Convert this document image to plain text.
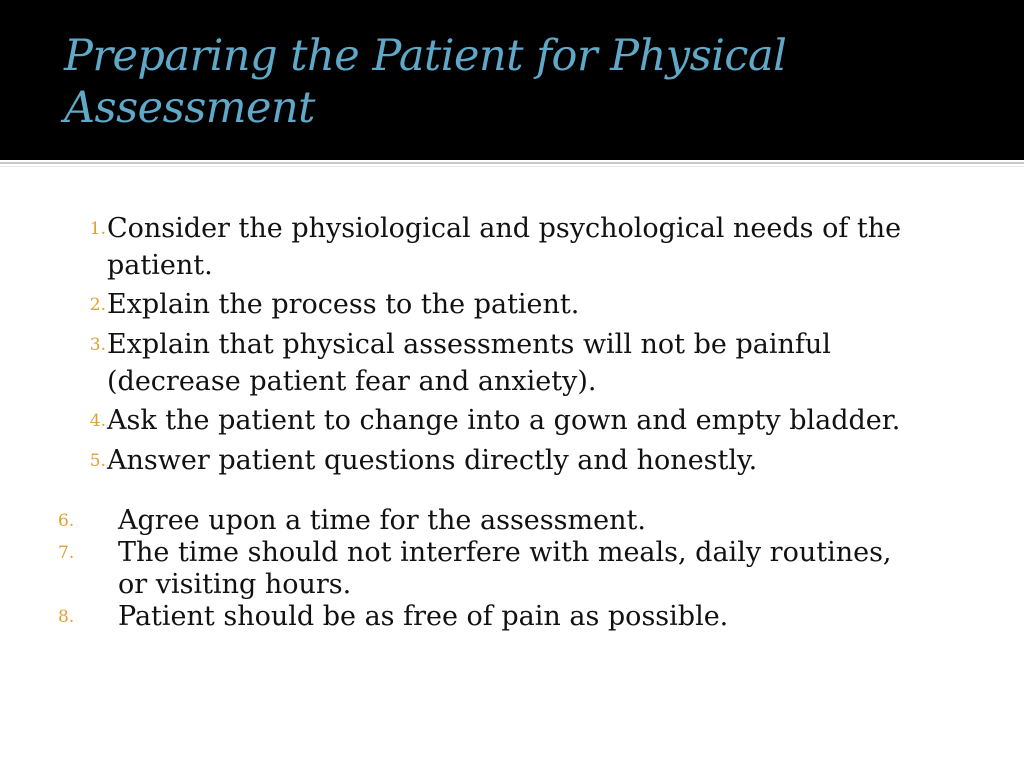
Preparing the Patient for Physical Assessment
1. Consider the physiological and psychological needs of the patient.
2. Explain the process to the patient.
3. Explain that physical assessments will not be painful (decrease patient fear and anxiety).
4. Ask the patient to change into a gown and empty bladder.
5. Answer patient questions directly and honestly.
6.	Agree upon a time for the assessment.
7.	The time should not interfere with meals, daily routines, or visiting hours.
8.	Patient should be as free of pain as possible.
